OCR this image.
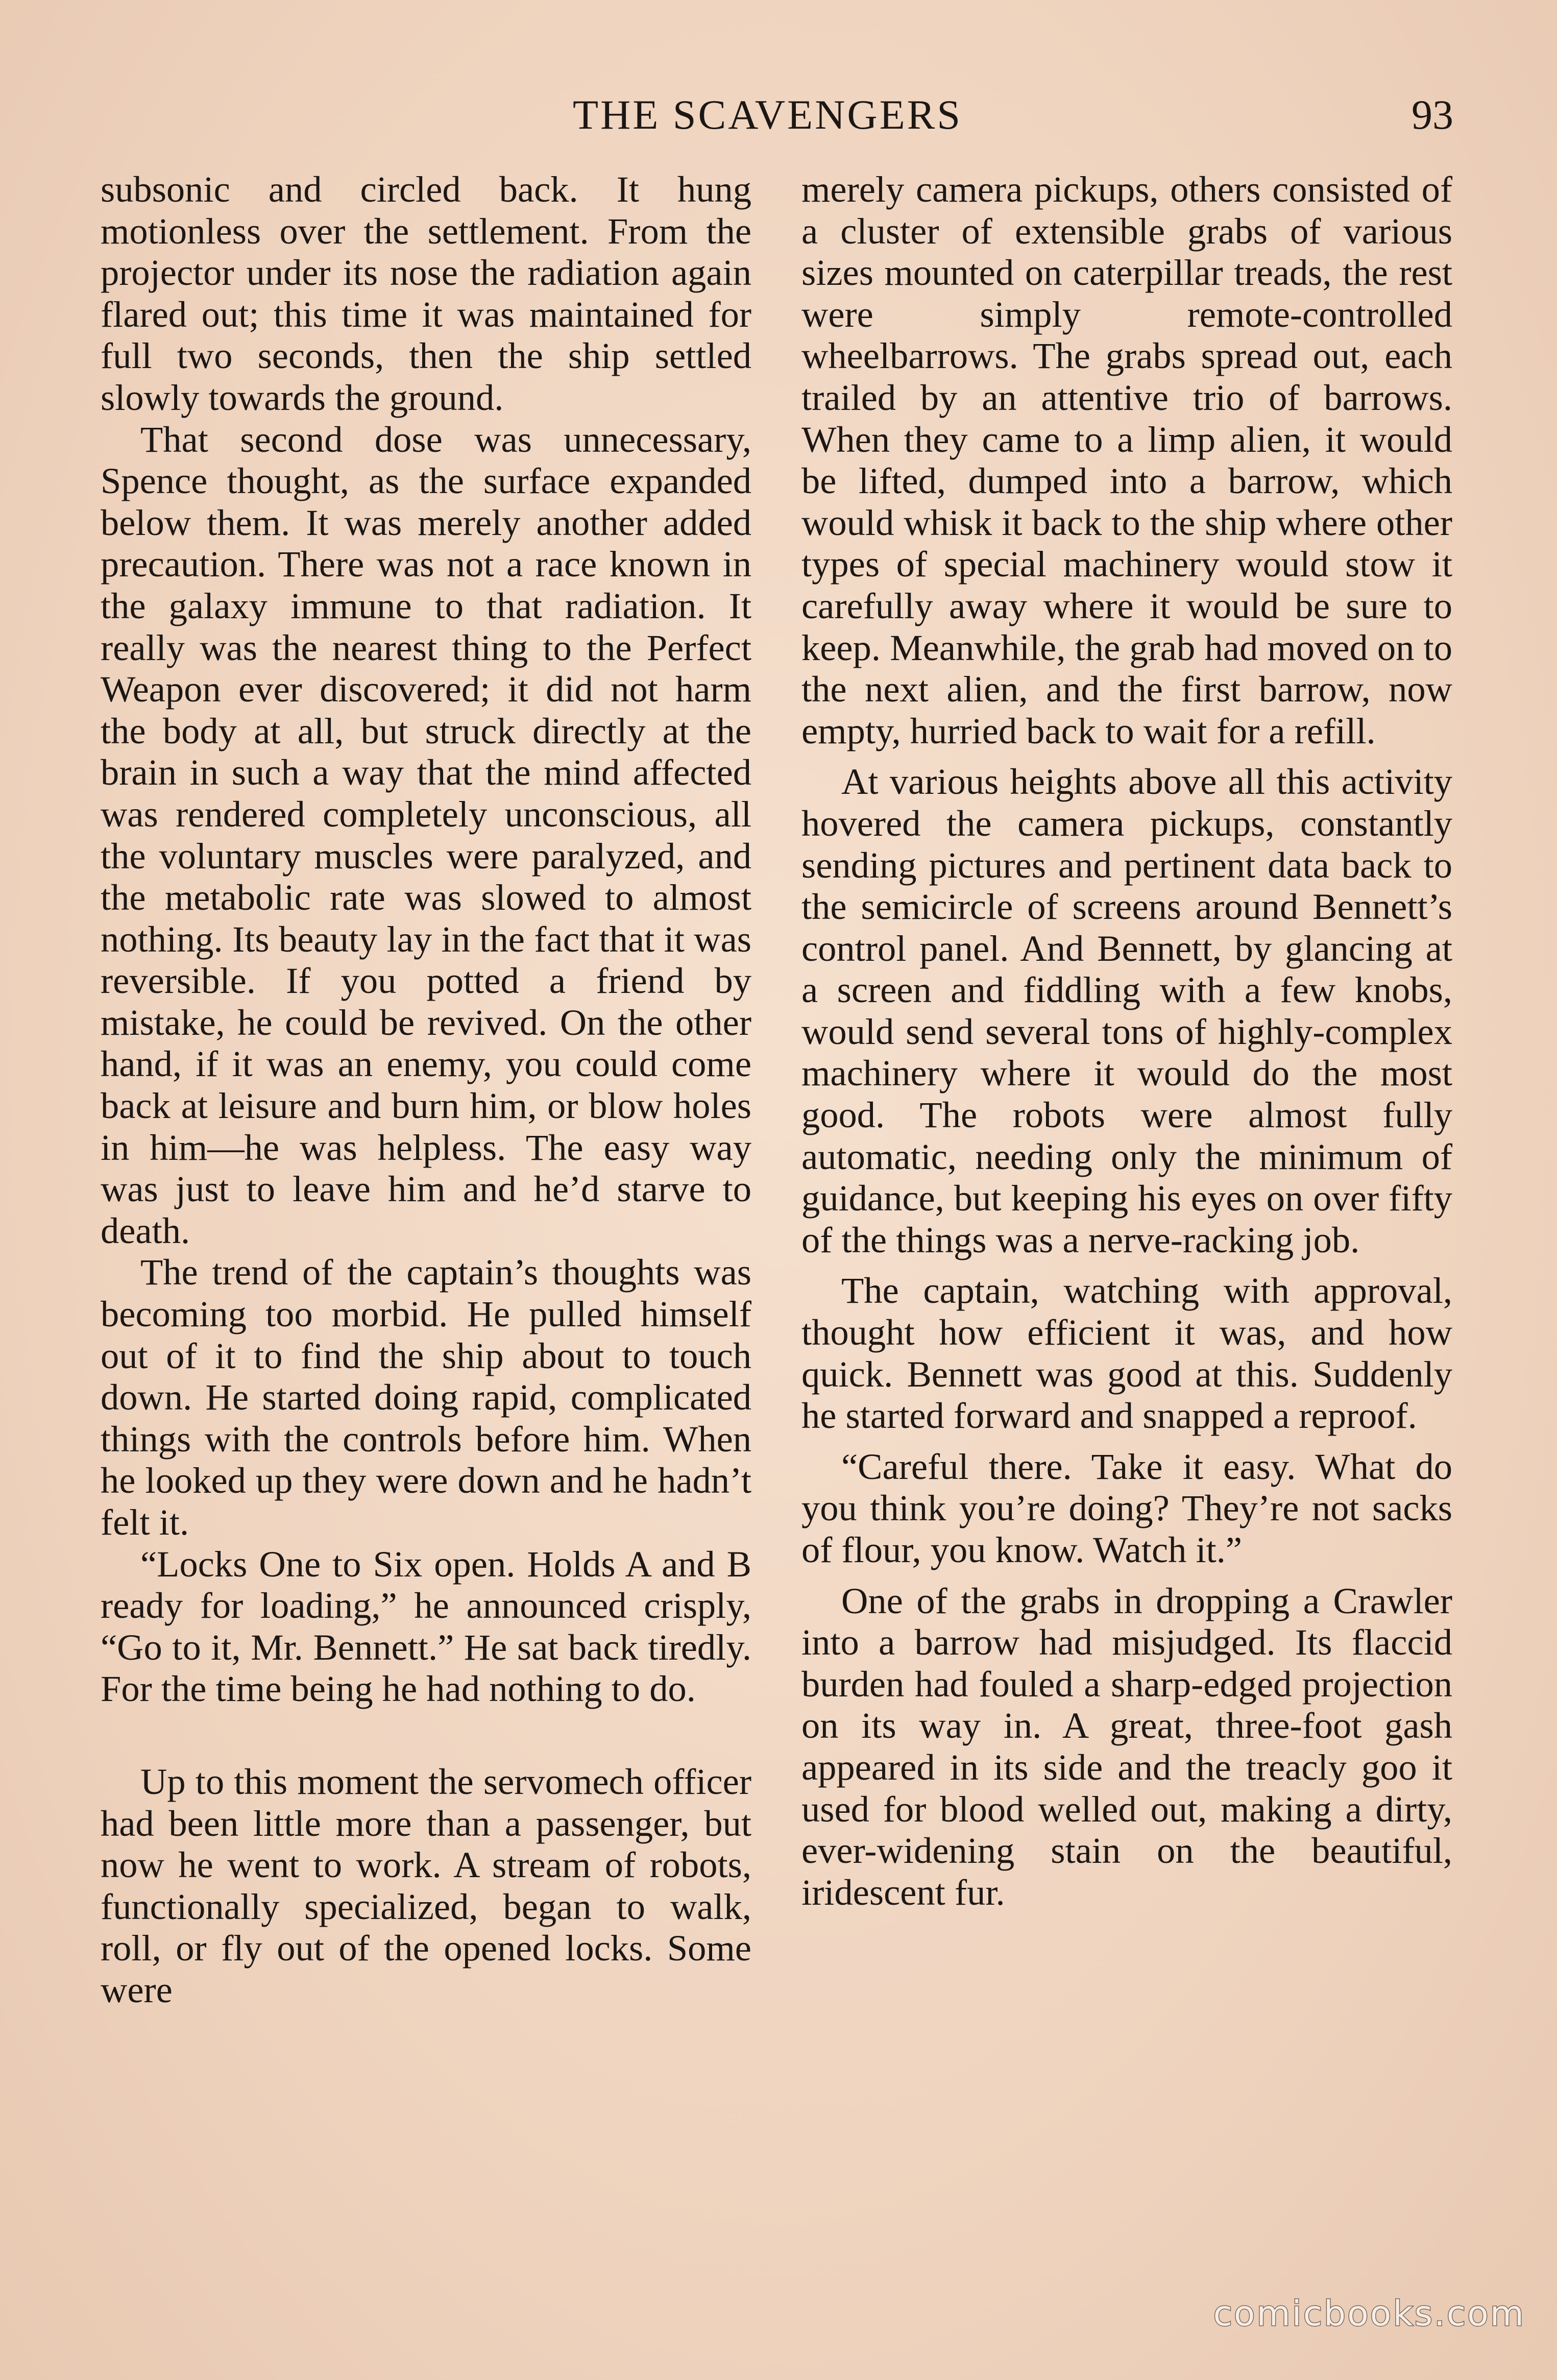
THE SCAVENGERS	93

subsonic and circled back. It hung motionless over the settlement. From the projector under its nose the radiation again flared out; this time it was maintained for full two seconds, then the ship settled slowly towards the ground.

That second dose was unnecessary, Spence thought, as the surface expanded below them. It was merely another added precaution. There was not a race known in the galaxy immune to that radiation. It really was the nearest thing to the Perfect Weapon ever discovered; it did not harm the body at all, but struck directly at the brain in such a way that the mind affected was rendered completely unconscious, all the voluntary muscles were paralyzed, and the metabolic rate was slowed to almost nothing. Its beauty lay in the fact that it was reversible. If you potted a friend by mistake, he could be revived. On the other hand, if it was an enemy, you could come back at leisure and burn him, or blow holes in him—he was helpless. The easy way was just to leave him and he’d starve to death.

The trend of the captain’s thoughts was becoming too morbid. He pulled himself out of it to find the ship about to touch down. He started doing rapid, complicated things with the controls before him. When he looked up they were down and he hadn’t felt it.

“Locks One to Six open. Holds A and B ready for loading,” he announced crisply, “Go to it, Mr. Bennett.” He sat back tiredly. For the time being he had nothing to do.

Up to this moment the servomech officer had been little more than a passenger, but now he went to work. A stream of robots, functionally specialized, began to walk, roll, or fly out of the opened locks. Some were

merely camera pickups, others consisted of a cluster of extensible grabs of various sizes mounted on caterpillar treads, the rest were simply remote-controlled wheelbarrows. The grabs spread out, each trailed by an attentive trio of barrows. When they came to a limp alien, it would be lifted, dumped into a barrow, which would whisk it back to the ship where other types of special machinery would stow it carefully away where it would be sure to keep. Meanwhile, the grab had moved on to the next alien, and the first barrow, now empty, hurried back to wait for a refill.

At various heights above all this activity hovered the camera pickups, constantly sending pictures and pertinent data back to the semicircle of screens around Bennett’s control panel. And Bennett, by glancing at a screen and fiddling with a few knobs, would send several tons of highly-complex machinery where it would do the most good. The robots were almost fully automatic, needing only the minimum of guidance, but keeping his eyes on over fifty of the things was a nerve-racking job.

The captain, watching with approval, thought how efficient it was, and how quick. Bennett was good at this. Suddenly he started forward and snapped a reproof.

“Careful there. Take it easy. What do you think you’re doing? They’re not sacks of flour, you know. Watch it.”

One of the grabs in dropping a Crawler into a barrow had misjudged. Its flaccid burden had fouled a sharp-edged projection on its way in. A great, three-foot gash appeared in its side and the treacly goo it used for blood welled out, making a dirty, ever-widening stain on the beautiful, iridescent fur.

comicbooks.com
